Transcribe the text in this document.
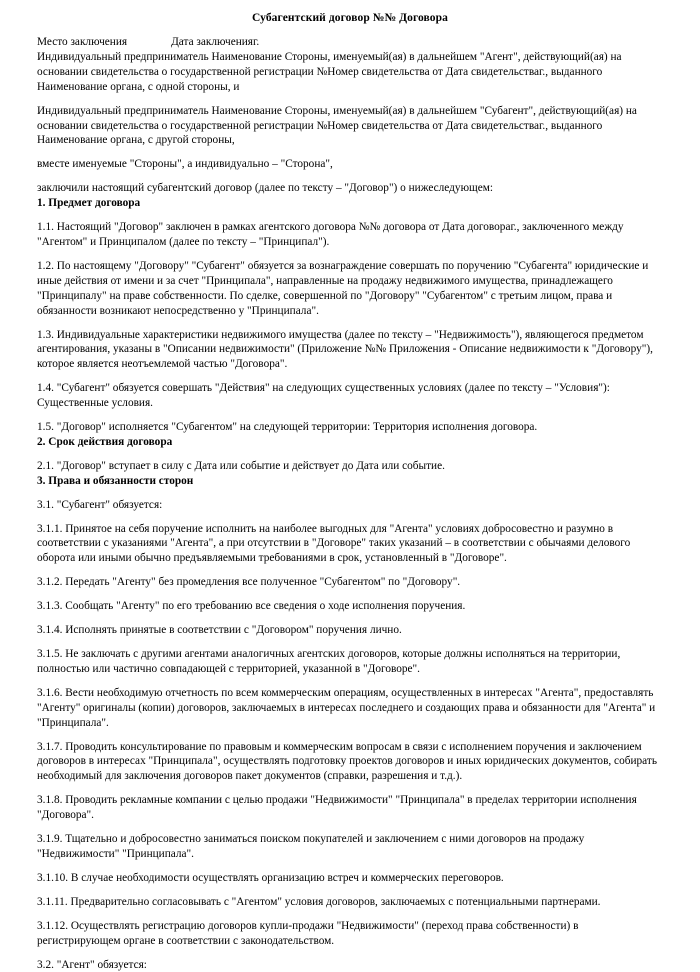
Субагентский договор №№ Договора
Место заключения	Дата заключенияг.
Индивидуальный предприниматель Наименование Стороны, именуемый(ая) в дальнейшем "Агент", действующий(ая) на основании свидетельства о государственной регистрации №Номер свидетельства от Дата свидетельстваг., выданного Наименование органа, с одной стороны, и
Индивидуальный предприниматель Наименование Стороны, именуемый(ая) в дальнейшем "Субагент", действующий(ая) на основании свидетельства о государственной регистрации №Номер свидетельства от Дата свидетельстваг., выданного Наименование органа, с другой стороны,
вместе именуемые "Стороны", а индивидуально – "Сторона",
заключили настоящий субагентский договор (далее по тексту – "Договор") о нижеследующем:
1. Предмет договора
1.1. Настоящий "Договор" заключен в рамках агентского договора №№ договора от Дата договораг., заключенного между "Агентом" и Принципалом (далее по тексту – "Принципал").
1.2. По настоящему "Договору" "Субагент" обязуется за вознаграждение совершать по поручению "Субагента" юридические и иные действия от имени и за счет "Принципала", направленные на продажу недвижимого имущества, принадлежащего "Принципалу" на праве собственности. По сделке, совершенной по "Договору" "Субагентом" с третьим лицом, права и обязанности возникают непосредственно у "Принципала".
1.3. Индивидуальные характеристики недвижимого имущества (далее по тексту – "Недвижимость"), являющегося предметом агентирования, указаны в "Описании недвижимости" (Приложение №№ Приложения - Описание недвижимости к "Договору"), которое является неотъемлемой частью "Договора".
1.4. "Субагент" обязуется совершать "Действия" на следующих существенных условиях (далее по тексту – "Условия"): Существенные условия.
1.5. "Договор" исполняется "Субагентом" на следующей территории: Территория исполнения договора.
2. Срок действия договора
2.1. "Договор" вступает в силу с Дата или событие и действует до Дата или событие.
3. Права и обязанности сторон
3.1. "Субагент" обязуется:
3.1.1. Принятое на себя поручение исполнить на наиболее выгодных для "Агента" условиях добросовестно и разумно в соответствии с указаниями "Агента", а при отсутствии в "Договоре" таких указаний – в соответствии с обычаями делового оборота или иными обычно предъявляемыми требованиями в срок, установленный в "Договоре".
3.1.2. Передать "Агенту" без промедления все полученное "Субагентом" по "Договору".
3.1.3. Сообщать "Агенту" по его требованию все сведения о ходе исполнения поручения.
3.1.4. Исполнять принятые в соответствии с "Договором" поручения лично.
3.1.5. Не заключать с другими агентами аналогичных агентских договоров, которые должны исполняться на территории, полностью или частично совпадающей с территорией, указанной в "Договоре".
3.1.6. Вести необходимую отчетность по всем коммерческим операциям, осуществленных в интересах "Агента", предоставлять "Агенту" оригиналы (копии) договоров, заключаемых в интересах последнего и создающих права и обязанности для "Агента" и "Принципала".
3.1.7. Проводить консультирование по правовым и коммерческим вопросам в связи с исполнением поручения и заключением договоров в интересах "Принципала", осуществлять подготовку проектов договоров и иных юридических документов, собирать необходимый для заключения договоров пакет документов (справки, разрешения и т.д.).
3.1.8. Проводить рекламные компании с целью продажи "Недвижимости" "Принципала" в пределах территории исполнения "Договора".
3.1.9. Тщательно и добросовестно заниматься поиском покупателей и заключением с ними договоров на продажу "Недвижимости" "Принципала".
3.1.10. В случае необходимости осуществлять организацию встреч и коммерческих переговоров.
3.1.11. Предварительно согласовывать с "Агентом" условия договоров, заключаемых с потенциальными партнерами.
3.1.12. Осуществлять регистрацию договоров купли-продажи "Недвижимости" (переход права собственности) в регистрирующем органе в соответствии с законодательством.
3.2. "Агент" обязуется:
